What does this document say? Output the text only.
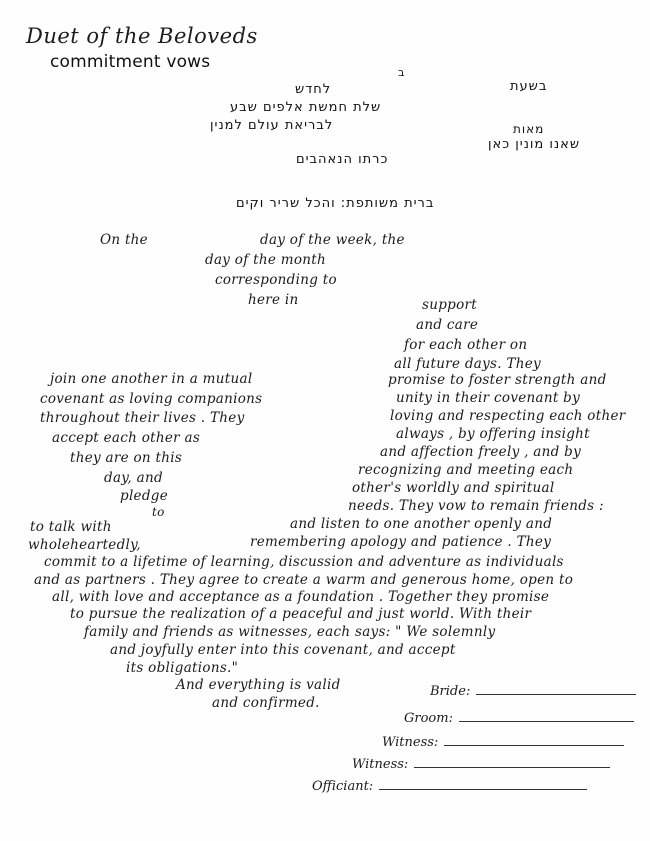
Duet of the Beloveds
commitment vows
ב
בשעת
לחדש
שלת חמשת אלפים שבע
לבריאת עולם למנין	מאות
שאנו מונין כאן
כרתו הנאהבים
ברית משותפת: והכל שריר וקים
On the	day of the week, the
day of the month
corresponding to
here in	support
and care
for each other on
all future days. They
promise to foster strength and
unity in their covenant by
loving and respecting each other
always , by offering insight
and affection freely , and by
recognizing and meeting each
other's worldly and spiritual
needs. They vow to remain friends :
and listen to one another openly and
join one another in a mutual
covenant as loving companions
throughout their lives . They
accept each other as
they are on this
day, and
pledge
to
to talk with
wholeheartedly,	remembering apology and patience . They
commit to a lifetime of learning, discussion and adventure as individuals
and as partners . They agree to create a warm and generous home, open to
all, with love and acceptance as a foundation . Together they promise
to pursue the realization of a peaceful and just world. With their
family and friends as witnesses, each says: " We solemnly
and joyfully enter into this covenant, and accept
its obligations."
And everything is valid
and confirmed.
Bride:
Groom:
Witness:
Witness:
Officiant:
